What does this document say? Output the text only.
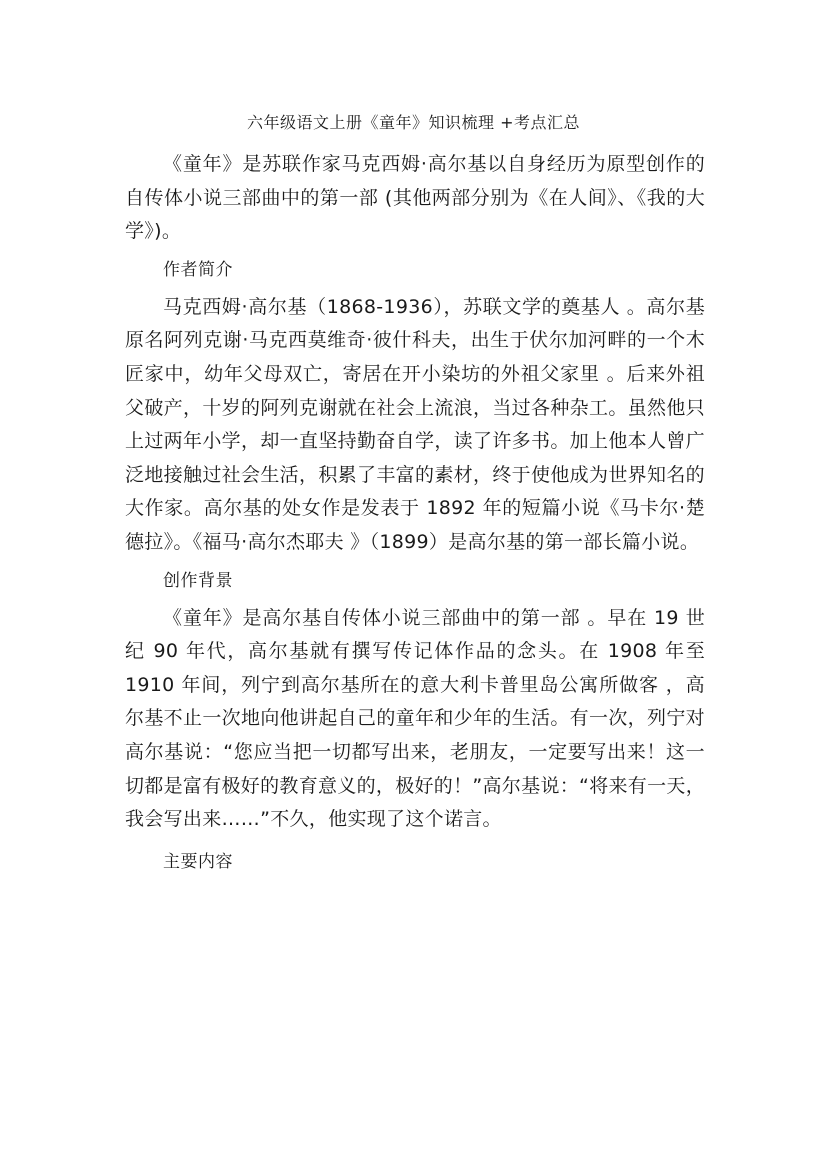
六年级语文上册《童年》知识梳理 +考点汇总

《童年》是苏联作家马克西姆·高尔基以自身经历为原型创作的自传体小说三部曲中的第一部 (其他两部分别为《在人间》、《我的大学》)。

作者简介

马克西姆·高尔基（1868-1936），苏联文学的奠基人 。高尔基原名阿列克谢·马克西莫维奇·彼什科夫，出生于伏尔加河畔的一个木匠家中，幼年父母双亡，寄居在开小染坊的外祖父家里 。后来外祖父破产，十岁的阿列克谢就在社会上流浪，当过各种杂工。虽然他只上过两年小学，却一直坚持勤奋自学，读了许多书。加上他本人曾广泛地接触过社会生活，积累了丰富的素材，终于使他成为世界知名的大作家。高尔基的处女作是发表于 1892 年的短篇小说《马卡尔·楚德拉》。《福马·高尔杰耶夫 》（1899）是高尔基的第一部长篇小说。

创作背景

《童年》是高尔基自传体小说三部曲中的第一部 。早在 19 世纪 90 年代，高尔基就有撰写传记体作品的念头。在 1908 年至 1910 年间，列宁到高尔基所在的意大利卡普里岛公寓所做客 ，高尔基不止一次地向他讲起自己的童年和少年的生活。有一次，列宁对高尔基说：“您应当把一切都写出来，老朋友，一定要写出来！这一切都是富有极好的教育意义的，极好的！”高尔基说：“将来有一天，我会写出来……”不久，他实现了这个诺言。

主要内容
